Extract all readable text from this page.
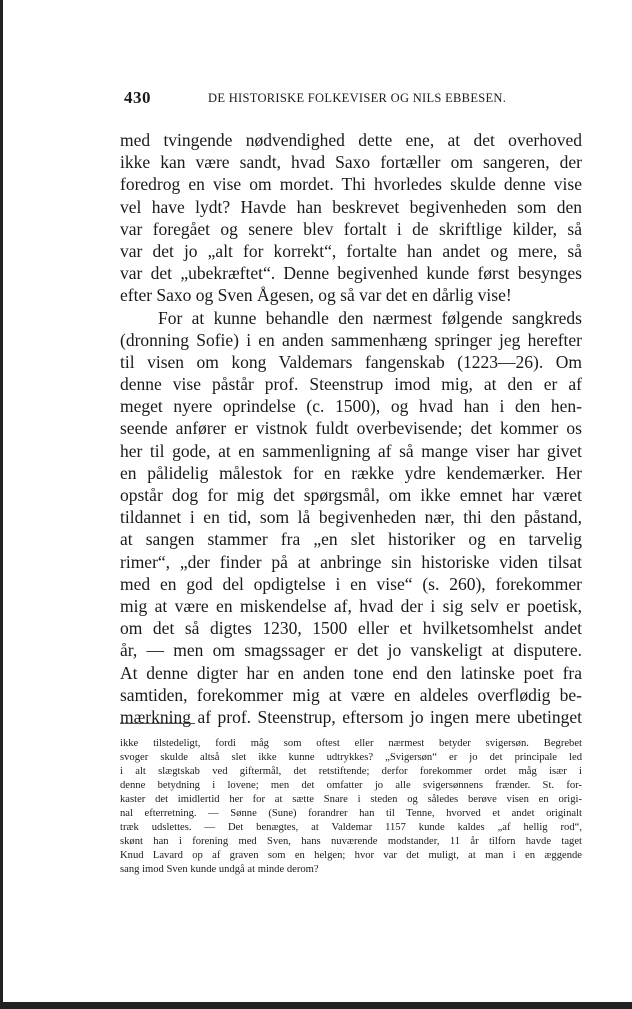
430	DE HISTORISKE FOLKEVISER OG NILS EBBESEN.
med tvingende nødvendighed dette ene, at det overhoved
ikke kan være sandt, hvad Saxo fortæller om sangeren, der
foredrog en vise om mordet. Thi hvorledes skulde denne vise
vel have lydt? Havde han beskrevet begivenheden som den
var foregået og senere blev fortalt i de skriftlige kilder, så
var det jo „alt for korrekt“, fortalte han andet og mere, så
var det „ubekræftet“. Denne begivenhed kunde først besynges
efter Saxo og Sven Ågesen, og så var det en dårlig vise!
For at kunne behandle den nærmest følgende sangkreds
(dronning Sofie) i en anden sammenhæng springer jeg herefter
til visen om kong Valdemars fangenskab (1223—26). Om
denne vise påstår prof. Steenstrup imod mig, at den er af
meget nyere oprindelse (c. 1500), og hvad han i den hen-
seende anfører er vistnok fuldt overbevisende; det kommer os
her til gode, at en sammenligning af så mange viser har givet
en pålidelig målestok for en række ydre kendemærker. Her
opstår dog for mig det spørgsmål, om ikke emnet har været
tildannet i en tid, som lå begivenheden nær, thi den påstand,
at sangen stammer fra „en slet historiker og en tarvelig
rimer“, „der finder på at anbringe sin historiske viden tilsat
med en god del opdigtelse i en vise“ (s. 260), forekommer
mig at være en miskendelse af, hvad der i sig selv er poetisk,
om det så digtes 1230, 1500 eller et hvilketsomhelst andet
år, — men om smagssager er det jo vanskeligt at disputere.
At denne digter har en anden tone end den latinske poet fra
samtiden, forekommer mig at være en aldeles overflødig be-
mærkning af prof. Steenstrup, eftersom jo ingen mere ubetinget
ikke tilstedeligt, fordi måg som oftest eller nærmest betyder svigersøn. Begrebet
svoger skulde altså slet ikke kunne udtrykkes? „Svigersøn“ er jo det principale led
i alt slægtskab ved giftermål, det retstiftende; derfor forekommer ordet måg især i
denne betydning i lovene; men det omfatter jo alle svigersønnens frænder. St. for-
kaster det imidlertid her for at sætte Snare i steden og således berøve visen en origi-
nal efterretning. — Sønne (Sune) forandrer han til Tenne, hvorved et andet originalt
træk udslettes. — Det benægtes, at Valdemar 1157 kunde kaldes „af hellig rod“,
skønt han i forening med Sven, hans nuværende modstander, 11 år tilforn havde taget
Knud Lavard op af graven som en helgen; hvor var det muligt, at man i en æggende
sang imod Sven kunde undgå at minde derom?
